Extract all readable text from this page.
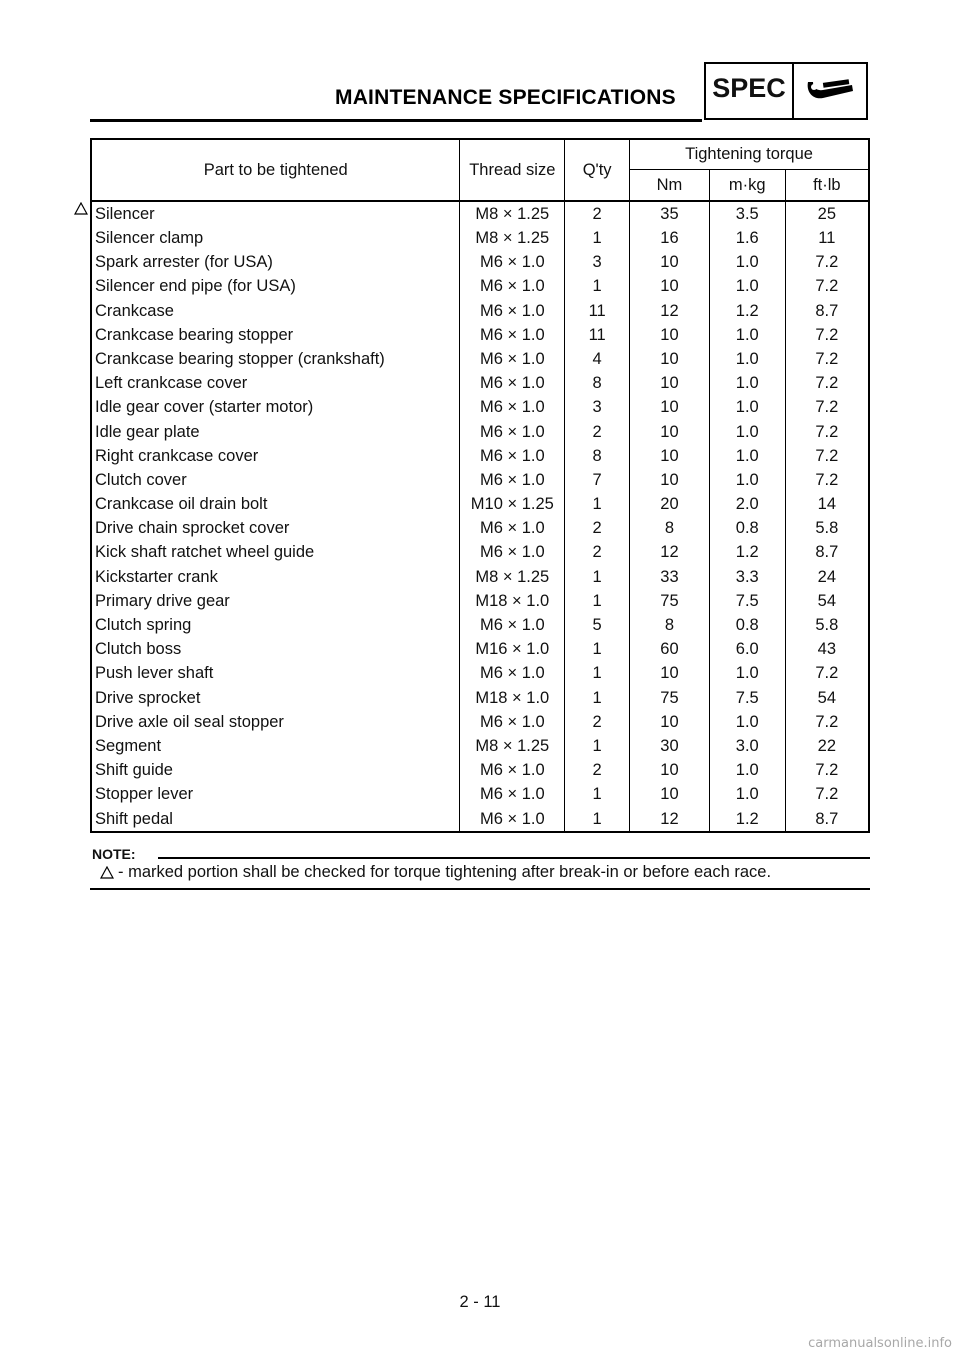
MAINTENANCE SPECIFICATIONS SPEC
Part to be tightened	Thread size	Q'ty	Tightening torque		
			Nm	m·kg	ft·lb
Silencer	M8 × 1.25	2	35	3.5	25
Silencer clamp	M8 × 1.25	1	16	1.6	11
Spark arrester (for USA)	M6 × 1.0	3	10	1.0	7.2
Silencer end pipe (for USA)	M6 × 1.0	1	10	1.0	7.2
Crankcase	M6 × 1.0	11	12	1.2	8.7
Crankcase bearing stopper	M6 × 1.0	11	10	1.0	7.2
Crankcase bearing stopper (crankshaft)	M6 × 1.0	4	10	1.0	7.2
Left crankcase cover	M6 × 1.0	8	10	1.0	7.2
Idle gear cover (starter motor)	M6 × 1.0	3	10	1.0	7.2
Idle gear plate	M6 × 1.0	2	10	1.0	7.2
Right crankcase cover	M6 × 1.0	8	10	1.0	7.2
Clutch cover	M6 × 1.0	7	10	1.0	7.2
Crankcase oil drain bolt	M10 × 1.25	1	20	2.0	14
Drive chain sprocket cover	M6 × 1.0	2	8	0.8	5.8
Kick shaft ratchet wheel guide	M6 × 1.0	2	12	1.2	8.7
Kickstarter crank	M8 × 1.25	1	33	3.3	24
Primary drive gear	M18 × 1.0	1	75	7.5	54
Clutch spring	M6 × 1.0	5	8	0.8	5.8
Clutch boss	M16 × 1.0	1	60	6.0	43
Push lever shaft	M6 × 1.0	1	10	1.0	7.2
Drive sprocket	M18 × 1.0	1	75	7.5	54
Drive axle oil seal stopper	M6 × 1.0	2	10	1.0	7.2
Segment	M8 × 1.25	1	30	3.0	22
Shift guide	M6 × 1.0	2	10	1.0	7.2
Stopper lever	M6 × 1.0	1	10	1.0	7.2
Shift pedal	M6 × 1.0	1	12	1.2	8.7
NOTE:
- marked portion shall be checked for torque tightening after break-in or before each race.
2 - 11
carmanualsonline.info
